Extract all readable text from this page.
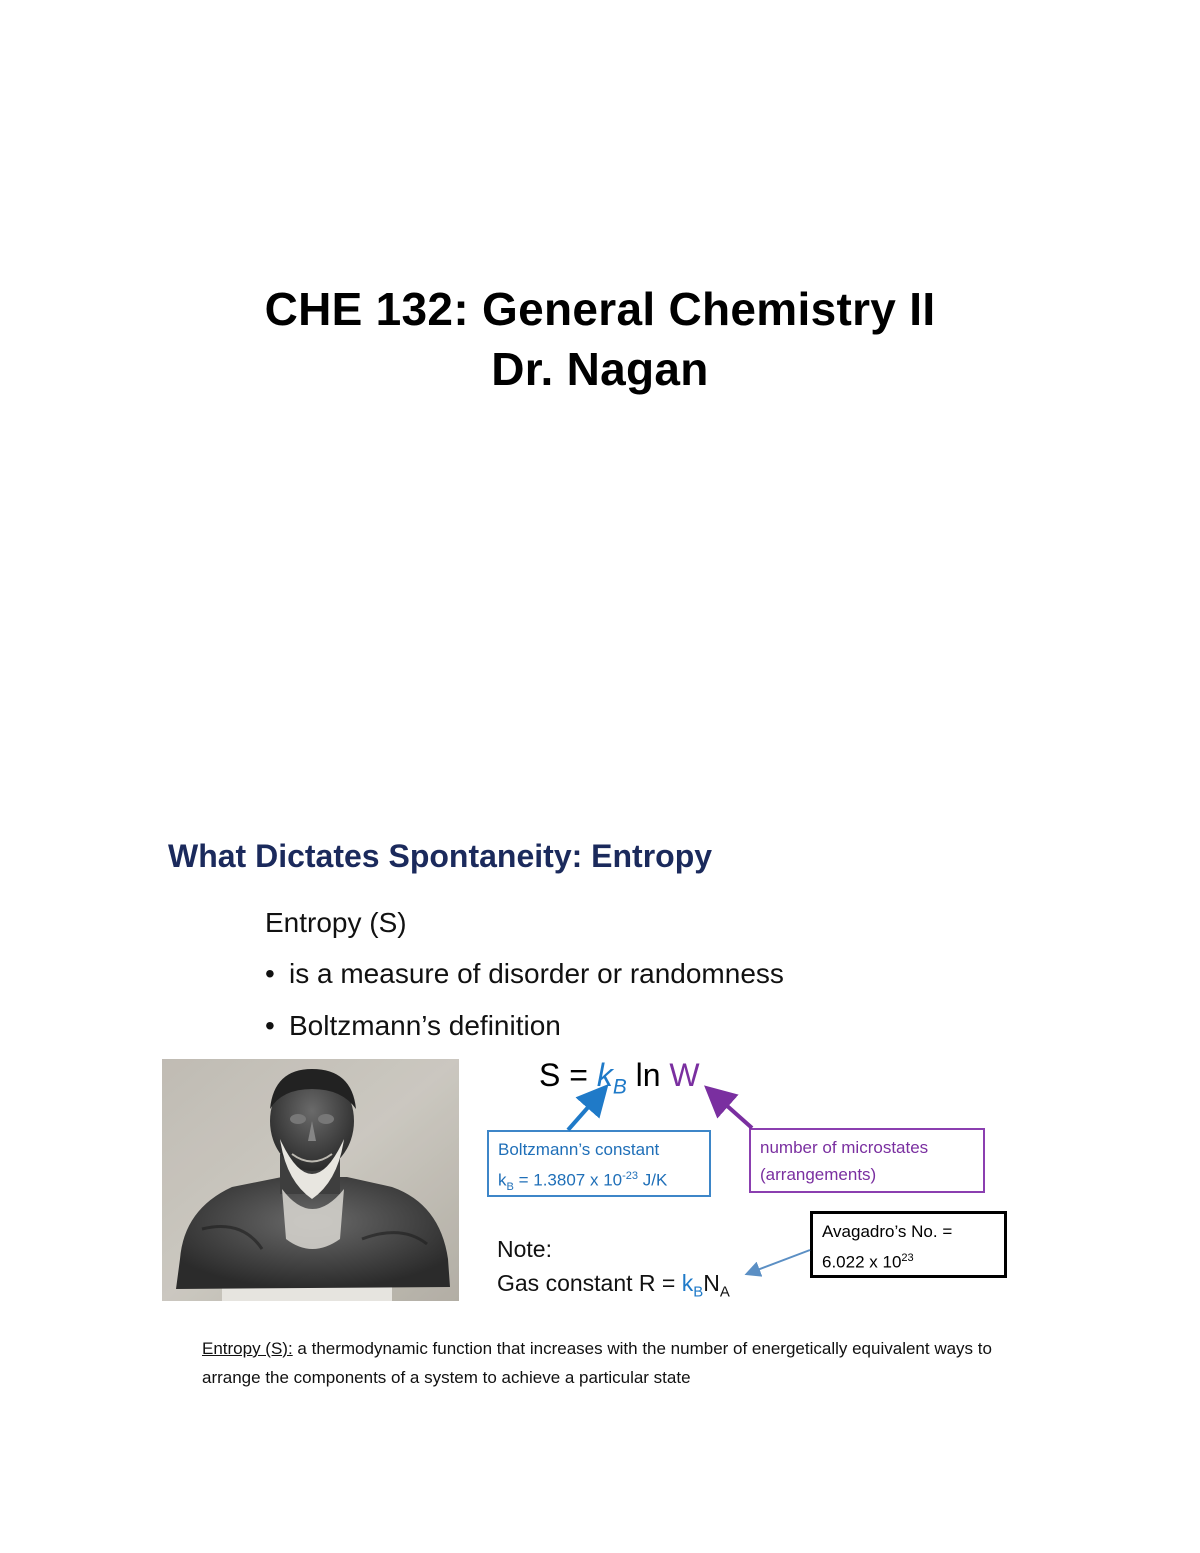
CHE 132: General Chemistry II
Dr. Nagan
What Dictates Spontaneity: Entropy
Entropy (S)
• is a measure of disorder or randomness
• Boltzmann’s definition
$S = k_B$ ln W
Boltzmann’s constant
$k_B = 1.3807$ x $10^{-23}$ J/K
number of microstates
(arrangements)
Avagadro’s No. =
6.022 x $10^{23}$
Note:
Gas constant $R = k_BN_A$
Entropy (S): a thermodynamic function that increases with the number of energetically equivalent ways to arrange the components of a system to achieve a particular state
